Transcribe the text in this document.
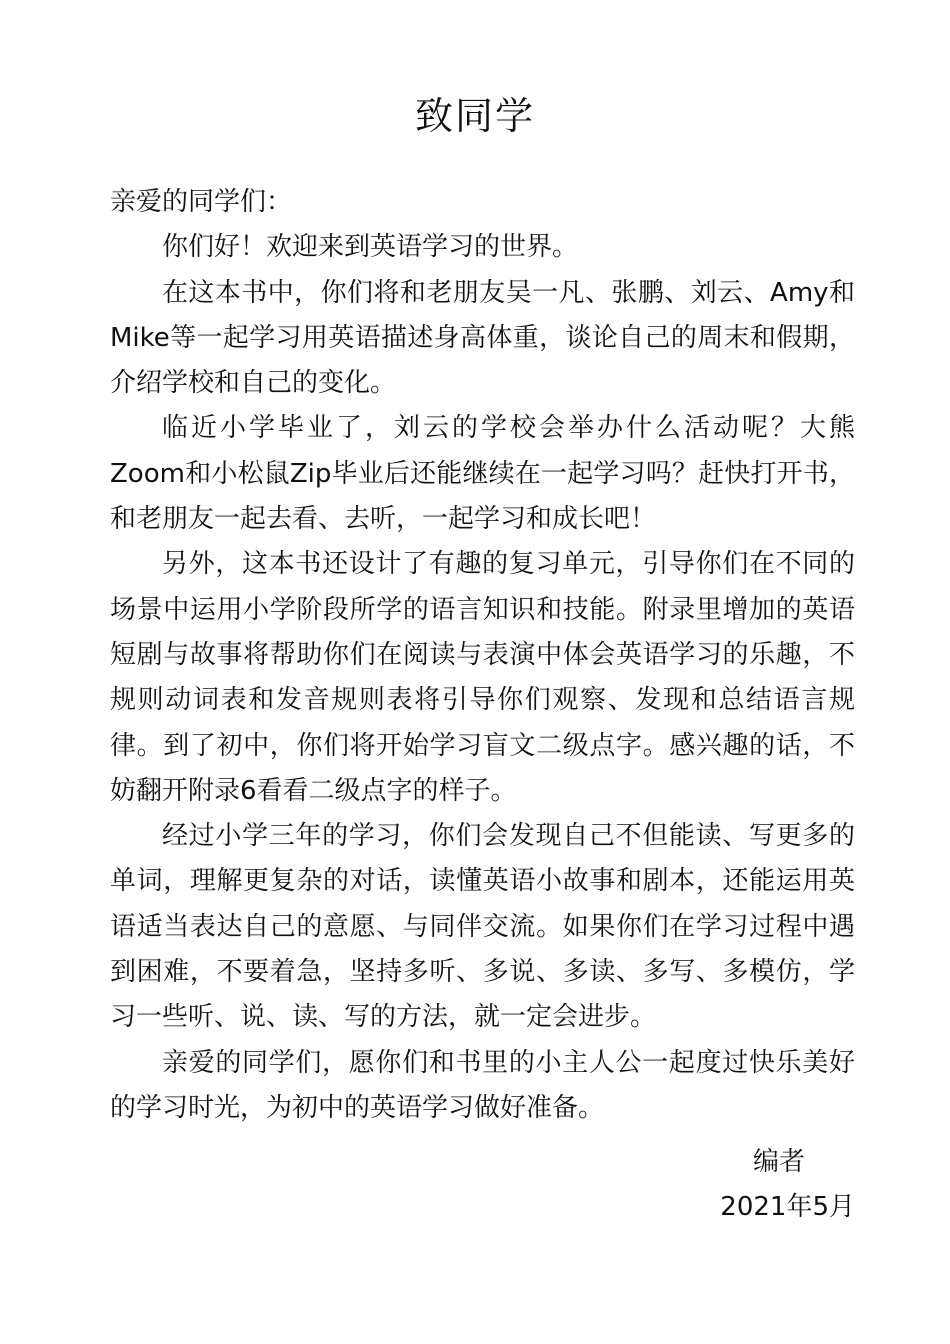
致同学

亲爱的同学们：

你们好！欢迎来到英语学习的世界。

在这本书中，你们将和老朋友吴一凡、张鹏、刘云、Amy和Mike等一起学习用英语描述身高体重，谈论自己的周末和假期，介绍学校和自己的变化。

临近小学毕业了，刘云的学校会举办什么活动呢？大熊Zoom和小松鼠Zip毕业后还能继续在一起学习吗？赶快打开书，和老朋友一起去看、去听，一起学习和成长吧！

另外，这本书还设计了有趣的复习单元，引导你们在不同的场景中运用小学阶段所学的语言知识和技能。附录里增加的英语短剧与故事将帮助你们在阅读与表演中体会英语学习的乐趣，不规则动词表和发音规则表将引导你们观察、发现和总结语言规律。到了初中，你们将开始学习盲文二级点字。感兴趣的话，不妨翻开附录6看看二级点字的样子。

经过小学三年的学习，你们会发现自己不但能读、写更多的单词，理解更复杂的对话，读懂英语小故事和剧本，还能运用英语适当表达自己的意愿、与同伴交流。如果你们在学习过程中遇到困难，不要着急，坚持多听、多说、多读、多写、多模仿，学习一些听、说、读、写的方法，就一定会进步。

亲爱的同学们，愿你们和书里的小主人公一起度过快乐美好的学习时光，为初中的英语学习做好准备。

编者
2021年5月
